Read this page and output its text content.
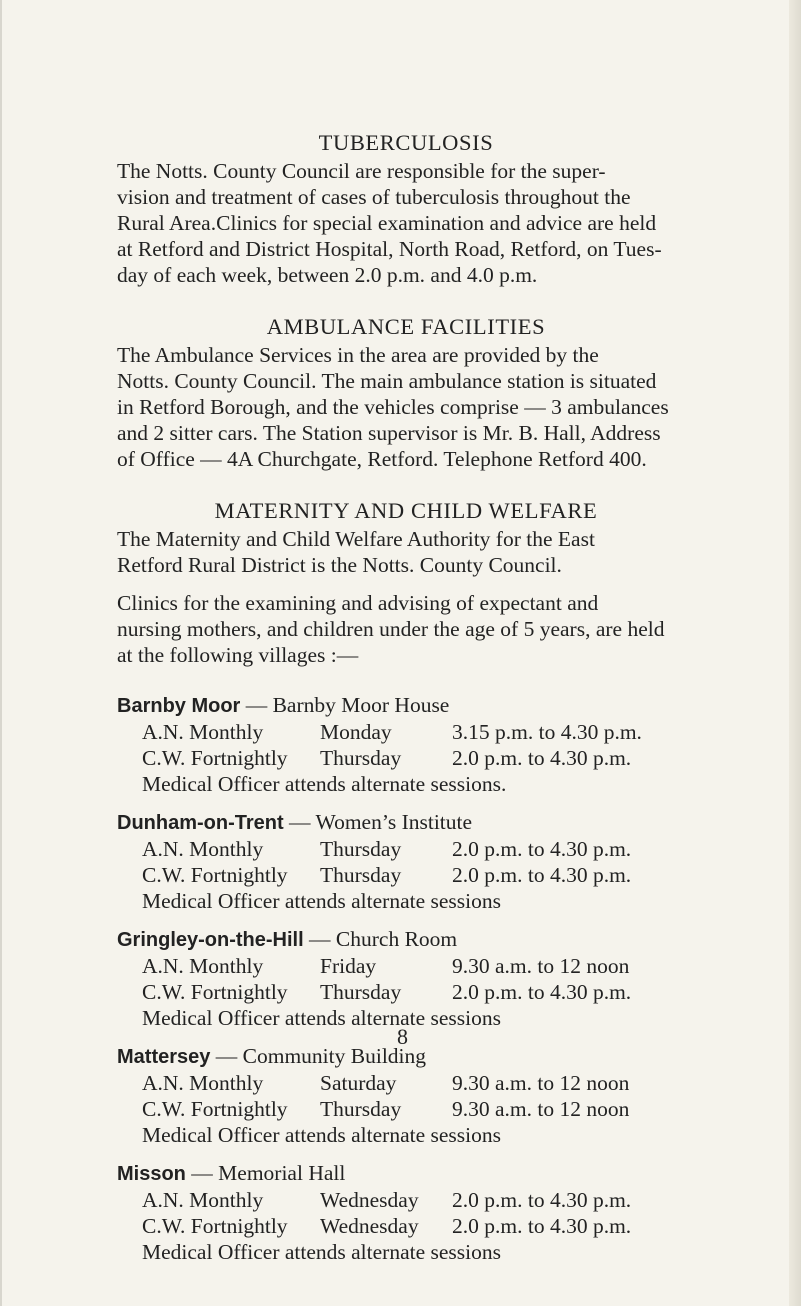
TUBERCULOSIS

The Notts. County Council are responsible for the super-
vision and treatment of cases of tuberculosis throughout the
Rural Area.Clinics for special examination and advice are held
at Retford and District Hospital, North Road, Retford, on Tues-
day of each week, between 2.0 p.m. and 4.0 p.m.

AMBULANCE FACILITIES

The Ambulance Services in the area are provided by the
Notts. County Council. The main ambulance station is situated
in Retford Borough, and the vehicles comprise — 3 ambulances
and 2 sitter cars. The Station supervisor is Mr. B. Hall, Address
of Office — 4A Churchgate, Retford. Telephone Retford 400.

MATERNITY AND CHILD WELFARE

The Maternity and Child Welfare Authority for the East
Retford Rural District is the Notts. County Council.
Clinics for the examining and advising of expectant and
nursing mothers, and children under the age of 5 years, are held
at the following villages :—

Barnby Moor — Barnby Moor House

A.N. Monthly	Monday	3.15 p.m. to 4.30 p.m.

C.W. Fortnightly Thursday 2.0 p.m. to 4.30 p.m.

Medical Officer attends alternate sessions.

Dunham-on-Trent — Women’s Institute

A.N. Monthly	Thursday 2.0 p.m. to 4.30 p.m.

C.W. Fortnightly Thursday 2.0 p.m. to 4.30 p.m.

Medical Officer attends alternate sessions

Gringley-on-the-Hill — Church Room

A.N. Monthly	Friday	9.30 a.m. to 12 noon

C.W. Fortnightly Thursday 2.0 p.m. to 4.30 p.m.

Medical Officer attends alternate sessions

Mattersey — Community Building

A.N. Monthly	Saturday	9.30 a.m. to 12 noon

C.W. Fortnightly Thursday 9.30 a.m. to 12 noon

Medical Officer attends alternate sessions

Misson — Memorial Hall

A.N. Monthly	Wednesday 2.0 p.m. to 4.30 p.m.

C.W. Fortnightly Wednesday 2.0 p.m. to 4.30 p.m.

Medical Officer attends alternate sessions

8
